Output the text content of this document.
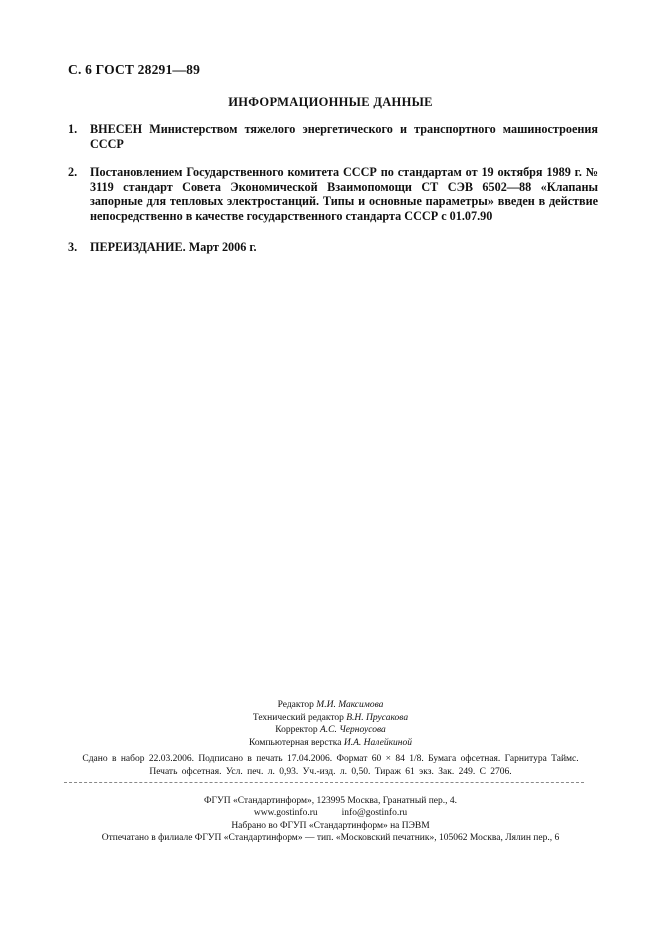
С. 6 ГОСТ 28291—89
ИНФОРМАЦИОННЫЕ ДАННЫЕ
1.	ВНЕСЕН Министерством тяжелого энергетического и транспортного машиностроения СССР
2.	Постановлением Государственного комитета СССР по стандартам от 19 октября 1989 г. № 3119 стандарт Совета Экономической Взаимопомощи СТ СЭВ 6502—88 «Клапаны запорные для тепловых электростанций. Типы и основные параметры» введен в действие непосредственно в качестве государственного стандарта СССР с 01.07.90
3.	ПЕРЕИЗДАНИЕ. Март 2006 г.
Редактор М.И. Максимова
Технический редактор В.Н. Прусакова
Корректор А.С. Черноусова
Компьютерная верстка И.А. Налейкиной
Сдано в набор 22.03.2006. Подписано в печать 17.04.2006. Формат 60 × 84 1/8. Бумага офсетная. Гарнитура Таймс.
Печать офсетная. Усл. печ. л. 0,93. Уч.-изд. л. 0,50. Тираж 61 экз. Зак. 249. С 2706.
ФГУП «Стандартинформ», 123995 Москва, Гранатный пер., 4.
www.gostinfo.ru	info@gostinfo.ru
Набрано во ФГУП «Стандартинформ» на ПЭВМ
Отпечатано в филиале ФГУП «Стандартинформ» — тип. «Московский печатник», 105062 Москва, Лялин пер., 6
